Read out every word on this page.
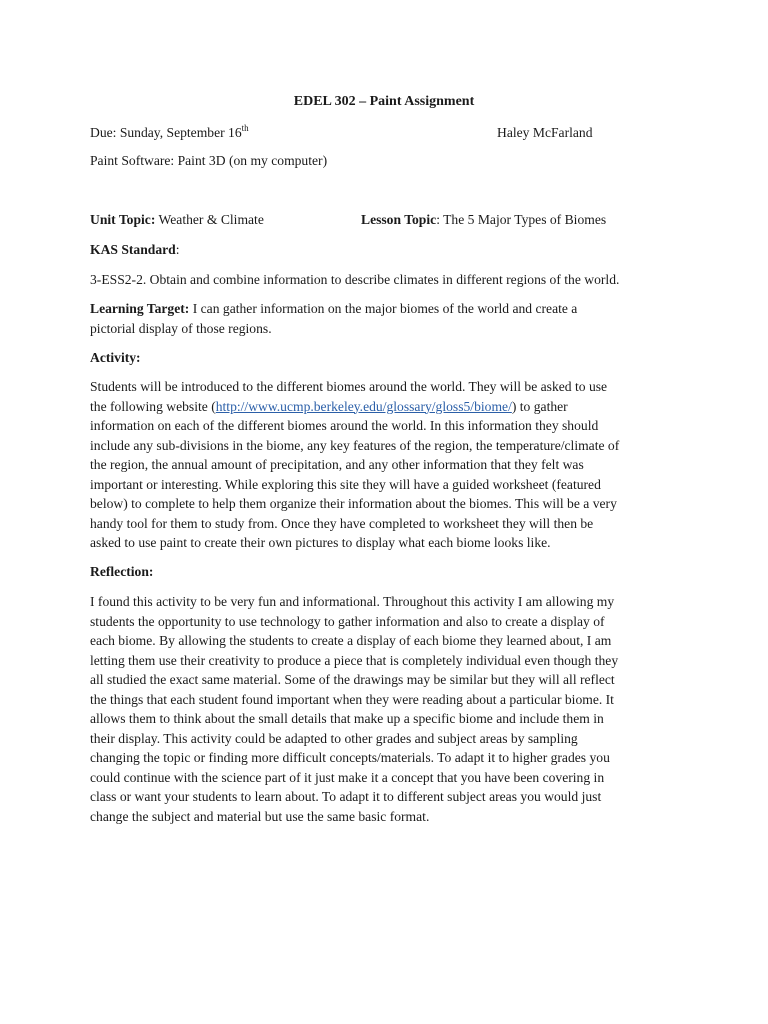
EDEL 302 – Paint Assignment
Due: Sunday, September 16th	Haley McFarland
Paint Software: Paint 3D (on my computer)
Unit Topic: Weather & Climate	Lesson Topic: The 5 Major Types of Biomes
KAS Standard:
3-ESS2-2. Obtain and combine information to describe climates in different regions of the world.
Learning Target: I can gather information on the major biomes of the world and create a
pictorial display of those regions.
Activity:
Students will be introduced to the different biomes around the world. They will be asked to use
the following website (http://www.ucmp.berkeley.edu/glossary/gloss5/biome/) to gather
information on each of the different biomes around the world. In this information they should
include any sub-divisions in the biome, any key features of the region, the temperature/climate of
the region, the annual amount of precipitation, and any other information that they felt was
important or interesting. While exploring this site they will have a guided worksheet (featured
below) to complete to help them organize their information about the biomes. This will be a very
handy tool for them to study from. Once they have completed to worksheet they will then be
asked to use paint to create their own pictures to display what each biome looks like.
Reflection:
I found this activity to be very fun and informational. Throughout this activity I am allowing my
students the opportunity to use technology to gather information and also to create a display of
each biome. By allowing the students to create a display of each biome they learned about, I am
letting them use their creativity to produce a piece that is completely individual even though they
all studied the exact same material. Some of the drawings may be similar but they will all reflect
the things that each student found important when they were reading about a particular biome. It
allows them to think about the small details that make up a specific biome and include them in
their display. This activity could be adapted to other grades and subject areas by sampling
changing the topic or finding more difficult concepts/materials. To adapt it to higher grades you
could continue with the science part of it just make it a concept that you have been covering in
class or want your students to learn about. To adapt it to different subject areas you would just
change the subject and material but use the same basic format.
